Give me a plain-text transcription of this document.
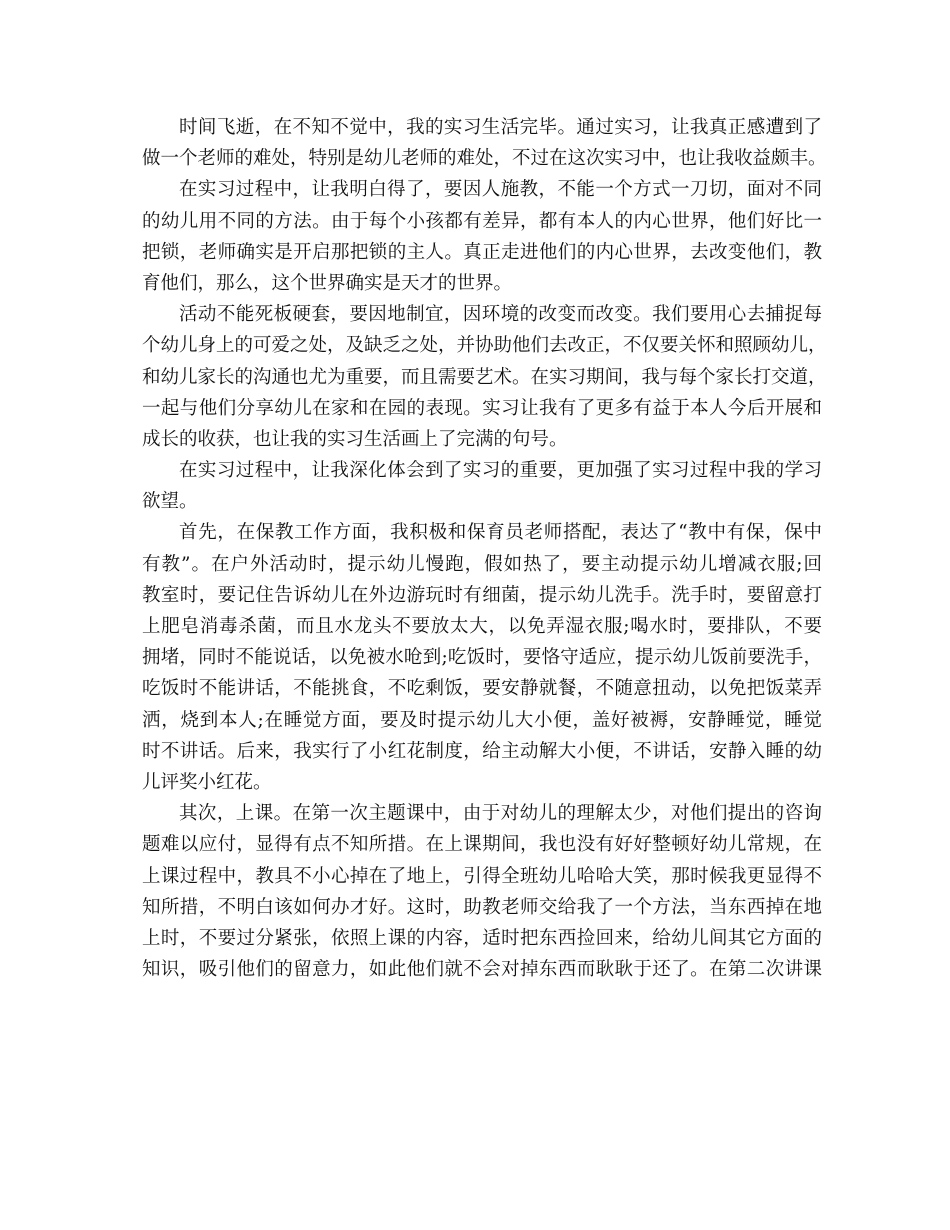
时间飞逝，在不知不觉中，我的实习生活完毕。通过实习，让我真正感遭到了
做一个老师的难处，特别是幼儿老师的难处，不过在这次实习中，也让我收益颇丰。
在实习过程中，让我明白得了，要因人施教，不能一个方式一刀切，面对不同
的幼儿用不同的方法。由于每个小孩都有差异，都有本人的内心世界，他们好比一
把锁，老师确实是开启那把锁的主人。真正走进他们的内心世界，去改变他们，教
育他们，那么，这个世界确实是天才的世界。
活动不能死板硬套，要因地制宜，因环境的改变而改变。我们要用心去捕捉每
个幼儿身上的可爱之处，及缺乏之处，并协助他们去改正，不仅要关怀和照顾幼儿，
和幼儿家长的沟通也尤为重要，而且需要艺术。在实习期间，我与每个家长打交道，
一起与他们分享幼儿在家和在园的表现。实习让我有了更多有益于本人今后开展和
成长的收获，也让我的实习生活画上了完满的句号。
在实习过程中，让我深化体会到了实习的重要，更加强了实习过程中我的学习
欲望。
首先，在保教工作方面，我积极和保育员老师搭配，表达了“教中有保，保中
有教”。在户外活动时，提示幼儿慢跑，假如热了，要主动提示幼儿增减衣服;回
教室时，要记住告诉幼儿在外边游玩时有细菌，提示幼儿洗手。洗手时，要留意打
上肥皂消毒杀菌，而且水龙头不要放太大，以免弄湿衣服;喝水时，要排队，不要
拥堵，同时不能说话，以免被水呛到;吃饭时，要恪守适应，提示幼儿饭前要洗手，
吃饭时不能讲话，不能挑食，不吃剩饭，要安静就餐，不随意扭动，以免把饭菜弄
洒，烧到本人;在睡觉方面，要及时提示幼儿大小便，盖好被褥，安静睡觉，睡觉
时不讲话。后来，我实行了小红花制度，给主动解大小便，不讲话，安静入睡的幼
儿评奖小红花。
其次，上课。在第一次主题课中，由于对幼儿的理解太少，对他们提出的咨询
题难以应付，显得有点不知所措。在上课期间，我也没有好好整顿好幼儿常规，在
上课过程中，教具不小心掉在了地上，引得全班幼儿哈哈大笑，那时候我更显得不
知所措，不明白该如何办才好。这时，助教老师交给我了一个方法，当东西掉在地
上时，不要过分紧张，依照上课的内容，适时把东西捡回来，给幼儿间其它方面的
知识，吸引他们的留意力，如此他们就不会对掉东西而耿耿于还了。在第二次讲课
